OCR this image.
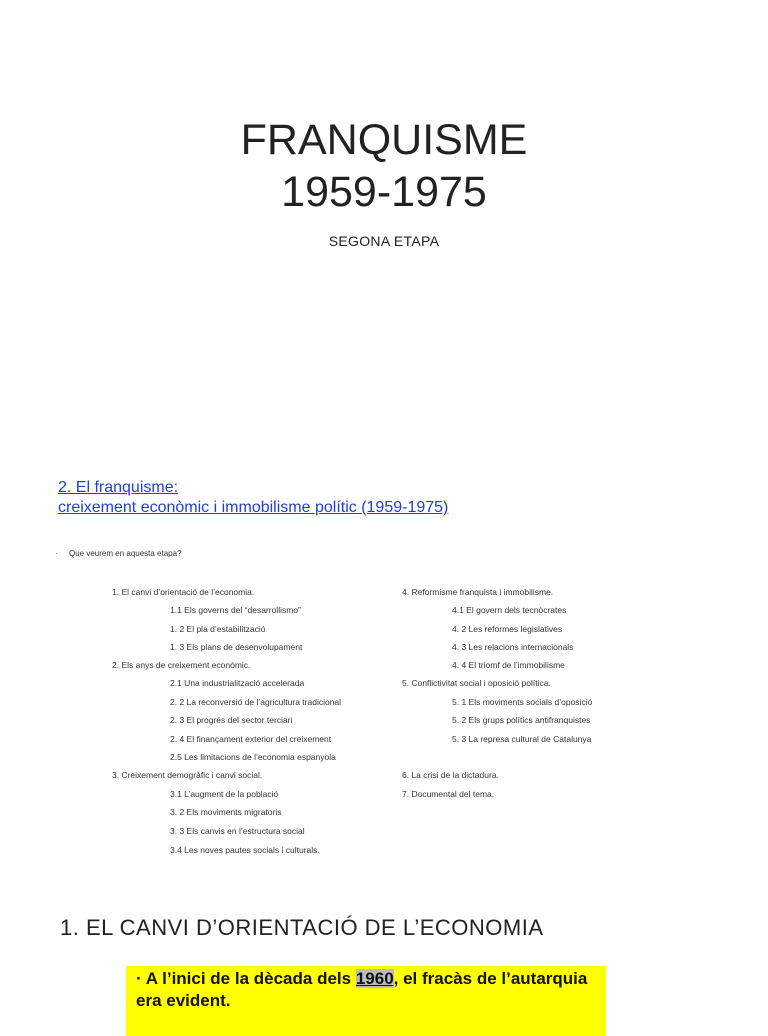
FRANQUISME
1959-1975
SEGONA ETAPA
2. El franquisme:
creixement econòmic i immobilisme polític (1959-1975)
· Que veurem en aquesta etapa?
1. El canvi d’orientació de l’economia.
1.1 Els governs del “desarrollismo”
1. 2 El pla d’estabilització
1. 3 Els plans de desenvolupament
2. Els anys de creixement econòmic.
2.1 Una industrialització accelerada
2. 2 La reconversió de l’agricultura tradicional
2. 3 El progrés del sector terciari
2. 4 El finançament exterior del creixement
2.5 Les limitacions de l’economia espanyola
3. Creixement demogràfic i canvi social.
3.1 L’augment de la població
3. 2 Els moviments migratoris
3. 3 Els canvis en l’estructura social
3.4 Les noves pautes socials i culturals.
4. Reformisme franquista i immobilisme.
4.1 El govern dels tecnòcrates
4. 2 Les reformes legislatives
4. 3 Les relacions internacionals
4. 4 El triomf de l’immobilisme
5. Conflictivitat social i oposició política.
5. 1 Els moviments socials d’oposició
5. 2 Els grups polítics antifranquistes
5. 3 La represa cultural de Catalunya
6. La crisi de la dictadura.
7. Documental del tema.
1. EL CANVI D’ORIENTACIÓ DE L’ECONOMIA
· A l’inici de la dècada dels 1960, el fracàs de l’autarquia era evident.
